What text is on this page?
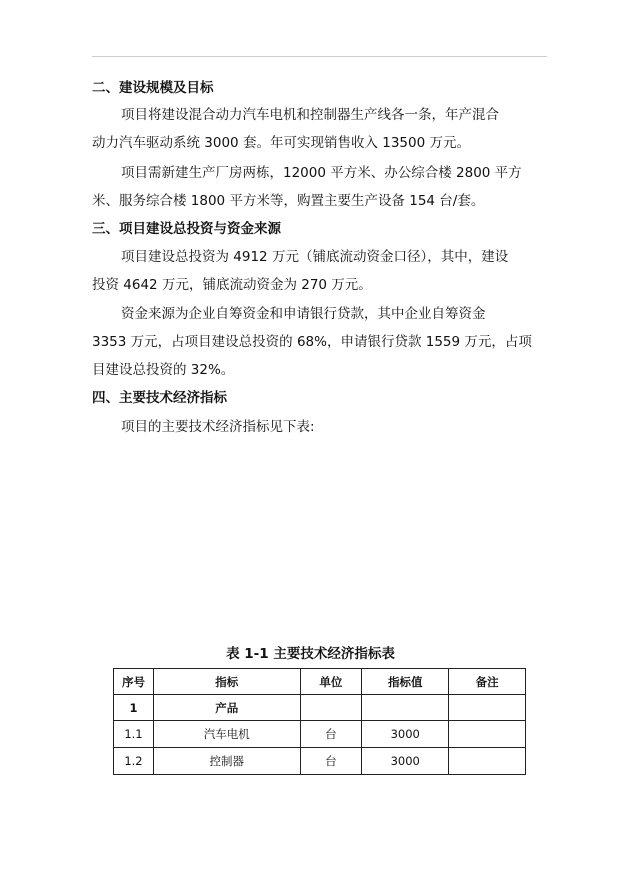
二、建设规模及目标
项目将建设混合动力汽车电机和控制器生产线各一条，年产混合
动力汽车驱动系统 3000 套。年可实现销售收入 13500 万元。
项目需新建生产厂房两栋，12000 平方米、办公综合楼 2800 平方
米、服务综合楼 1800 平方米等，购置主要生产设备 154 台/套。
三、项目建设总投资与资金来源
项目建设总投资为 4912 万元（铺底流动资金口径），其中，建设
投资 4642 万元，铺底流动资金为 270 万元。
资金来源为企业自筹资金和申请银行贷款，其中企业自筹资金
3353 万元，占项目建设总投资的 68%，申请银行贷款 1559 万元，占项
目建设总投资的 32%。
四、主要技术经济指标
项目的主要技术经济指标见下表:
表 1-1 主要技术经济指标表
序号	指标	单位	指标值	备注
1	产品			
1.1	汽车电机	台	3000	
1.2	控制器	台	3000	
